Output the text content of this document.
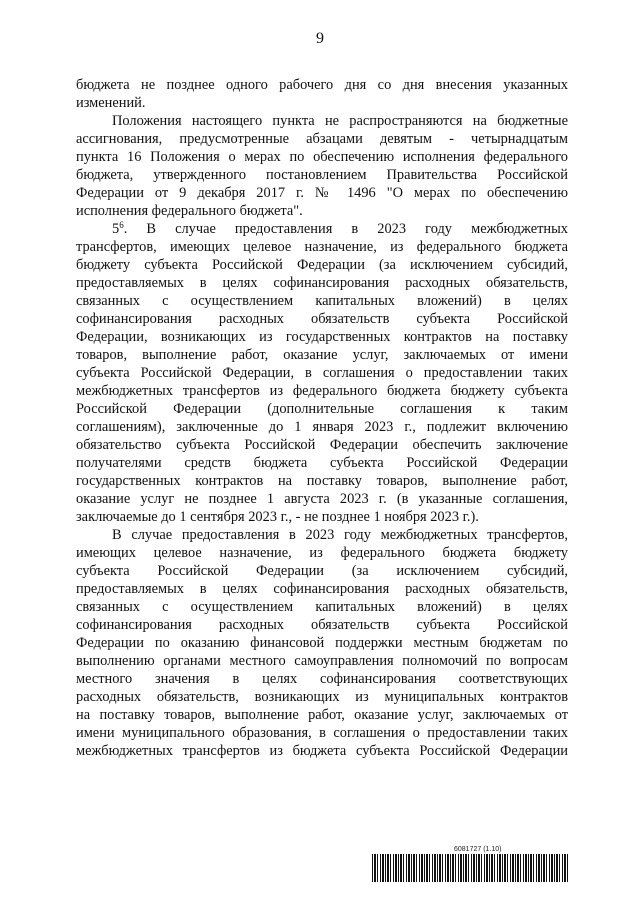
9
бюджета не позднее одного рабочего дня со дня внесения указанных
изменений.
Положения настоящего пункта не распространяются на бюджетные
ассигнования, предусмотренные абзацами девятым - четырнадцатым
пункта 16 Положения о мерах по обеспечению исполнения федерального
бюджета, утвержденного постановлением Правительства Российской
Федерации от 9 декабря 2017 г. № 1496 "О мерах по обеспечению
исполнения федерального бюджета".
$5^6$. В случае предоставления в 2023 году межбюджетных
трансфертов, имеющих целевое назначение, из федерального бюджета
бюджету субъекта Российской Федерации (за исключением субсидий,
предоставляемых в целях софинансирования расходных обязательств,
связанных с осуществлением капитальных вложений) в целях
софинансирования расходных обязательств субъекта Российской
Федерации, возникающих из государственных контрактов на поставку
товаров, выполнение работ, оказание услуг, заключаемых от имени
субъекта Российской Федерации, в соглашения о предоставлении таких
межбюджетных трансфертов из федерального бюджета бюджету субъекта
Российской Федерации (дополнительные соглашения к таким
соглашениям), заключенные до 1 января 2023 г., подлежит включению
обязательство субъекта Российской Федерации обеспечить заключение
получателями средств бюджета субъекта Российской Федерации
государственных контрактов на поставку товаров, выполнение работ,
оказание услуг не позднее 1 августа 2023 г. (в указанные соглашения,
заключаемые до 1 сентября 2023 г., - не позднее 1 ноября 2023 г.).
В случае предоставления в 2023 году межбюджетных трансфертов,
имеющих целевое назначение, из федерального бюджета бюджету
субъекта Российской Федерации (за исключением субсидий,
предоставляемых в целях софинансирования расходных обязательств,
связанных с осуществлением капитальных вложений) в целях
софинансирования расходных обязательств субъекта Российской
Федерации по оказанию финансовой поддержки местным бюджетам по
выполнению органами местного самоуправления полномочий по вопросам
местного значения в целях софинансирования соответствующих
расходных обязательств, возникающих из муниципальных контрактов
на поставку товаров, выполнение работ, оказание услуг, заключаемых от
имени муниципального образования, в соглашения о предоставлении таких
межбюджетных трансфертов из бюджета субъекта Российской Федерации
6081727 (1.10)
